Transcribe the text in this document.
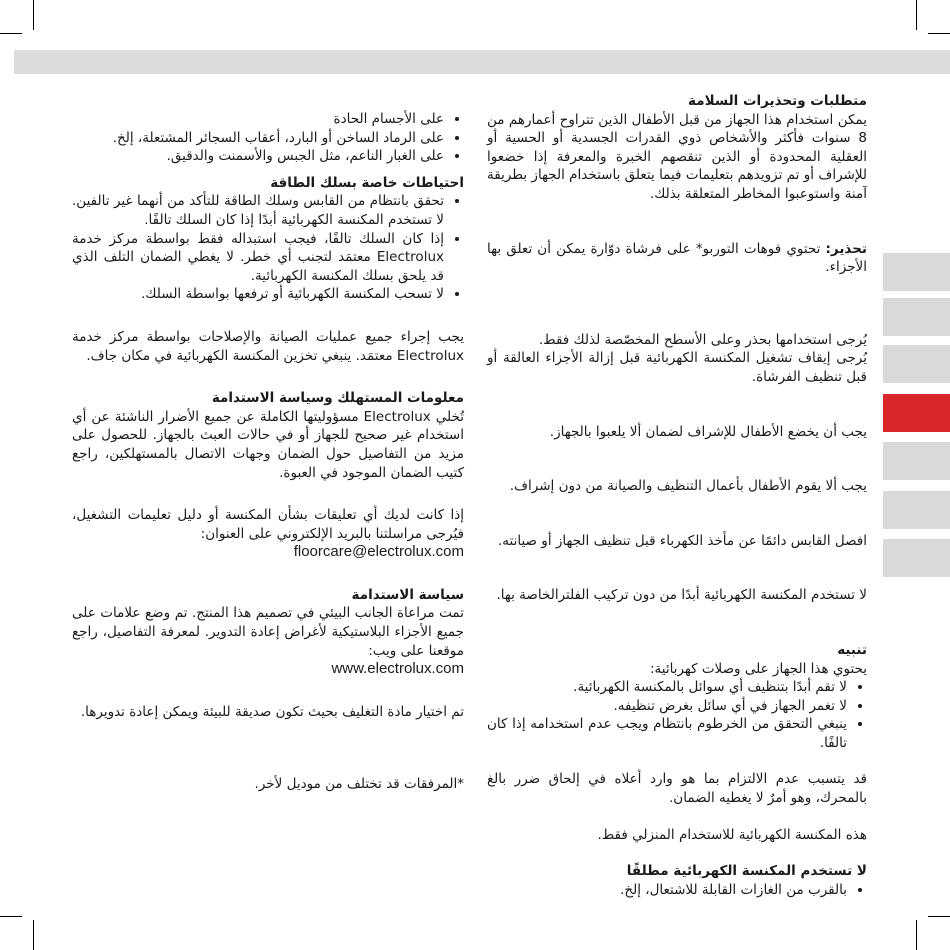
متطلبات وتحذيرات السلامة

يمكن استخدام هذا الجهاز من قبل الأطفال الذين تتراوح أعمارهم من 8 سنوات فأكثر والأشخاص ذوي القدرات الجسدية أو الحسية أو العقلية المحدودة أو الذين تنقصهم الخبرة والمعرفة إذا خضعوا للإشراف أو تم تزويدهم بتعليمات فيما يتعلق باستخدام الجهاز بطريقة آمنة واستوعبوا المخاطر المتعلقة بذلك.

تحذير: تحتوي فوهات التوربو* على فرشاة دوّارة يمكن أن تعلق بها الأجزاء.

يُرجى استخدامها بحذر وعلى الأسطح المخصّصة لذلك فقط.

يُرجى إيقاف تشغيل المكنسة الكهربائية قبل إزالة الأجزاء العالقة أو قبل تنظيف الفرشاة.

يجب أن يخضع الأطفال للإشراف لضمان ألا يلعبوا بالجهاز.

يجب ألا يقوم الأطفال بأعمال التنظيف والصيانة من دون إشراف.

افصل القابس دائمًا عن مأخذ الكهرباء قبل تنظيف الجهاز أو صيانته.

لا تستخدم المكنسة الكهربائية أبدًا من دون تركيب الفلترالخاصة بها.

تنبيه

يحتوي هذا الجهاز على وصلات كهربائية:

• لا تقم أبدًا بتنظيف أي سوائل بالمكنسة الكهربائية.
• لا تغمر الجهاز في أي سائل بغرض تنظيفه.
• ينبغي التحقق من الخرطوم بانتظام ويجب عدم استخدامه إذا كان تالفًا.

قد يتسبب عدم الالتزام بما هو وارد أعلاه في إلحاق ضرر بالغ بالمحرك، وهو أمرٌ لا يغطيه الضمان.

هذه المكنسة الكهربائية للاستخدام المنزلي فقط.

لا تستخدم المكنسة الكهربائية مطلقًا
• بالقرب من الغازات القابلة للاشتعال، إلخ.
• على الأجسام الحادة
• على الرماد الساخن أو البارد، أعقاب السجائر المشتعلة، إلخ.
• على الغبار الناعم، مثل الجبس والأسمنت والدقيق.
احتياطات خاصة بسلك الطاقة
• تحقق بانتظام من القابس وسلك الطاقة للتأكد من أنهما غير تالفين. لا تستخدم المكنسة الكهربائية أبدًا إذا كان السلك تالفًا.
• إذا كان السلك تالفًا، فيجب استبداله فقط بواسطة مركز خدمة Electrolux معتمَد لتجنب أي خطر. لا يغطي الضمان التلف الذي قد يلحق بسلك المكنسة الكهربائية.
• لا تسحب المكنسة الكهربائية أو ترفعها بواسطة السلك.

يجب إجراء جميع عمليات الصيانة والإصلاحات بواسطة مركز خدمة Electrolux معتمَد. ينبغي تخزين المكنسة الكهربائية في مكان جاف.

معلومات المستهلك وسياسة الاستدامة

تُخلي Electrolux مسؤوليتها الكاملة عن جميع الأضرار الناشئة عن أي استخدام غير صحيح للجهاز أو في حالات العبث بالجهاز. للحصول على مزيد من التفاصيل حول الضمان وجهات الاتصال بالمستهلكين، راجع كتيب الضمان الموجود في العبوة.

إذا كانت لديك أي تعليقات بشأن المكنسة أو دليل تعليمات التشغيل، فيُرجى مراسلتنا بالبريد الإلكتروني على العنوان:

floorcare@electrolux.com
سياسة الاستدامة

تمت مراعاة الجانب البيئي في تصميم هذا المنتج. تم وضع علامات على جميع الأجزاء البلاستيكية لأغراض إعادة التدوير. لمعرفة التفاصيل، راجع موقعنا على ويب:

www.electrolux.com

تم اختيار مادة التغليف بحيث تكون صديقة للبيئة ويمكن إعادة تدويرها.

*المرفقات قد تختلف من موديل لأخر.
